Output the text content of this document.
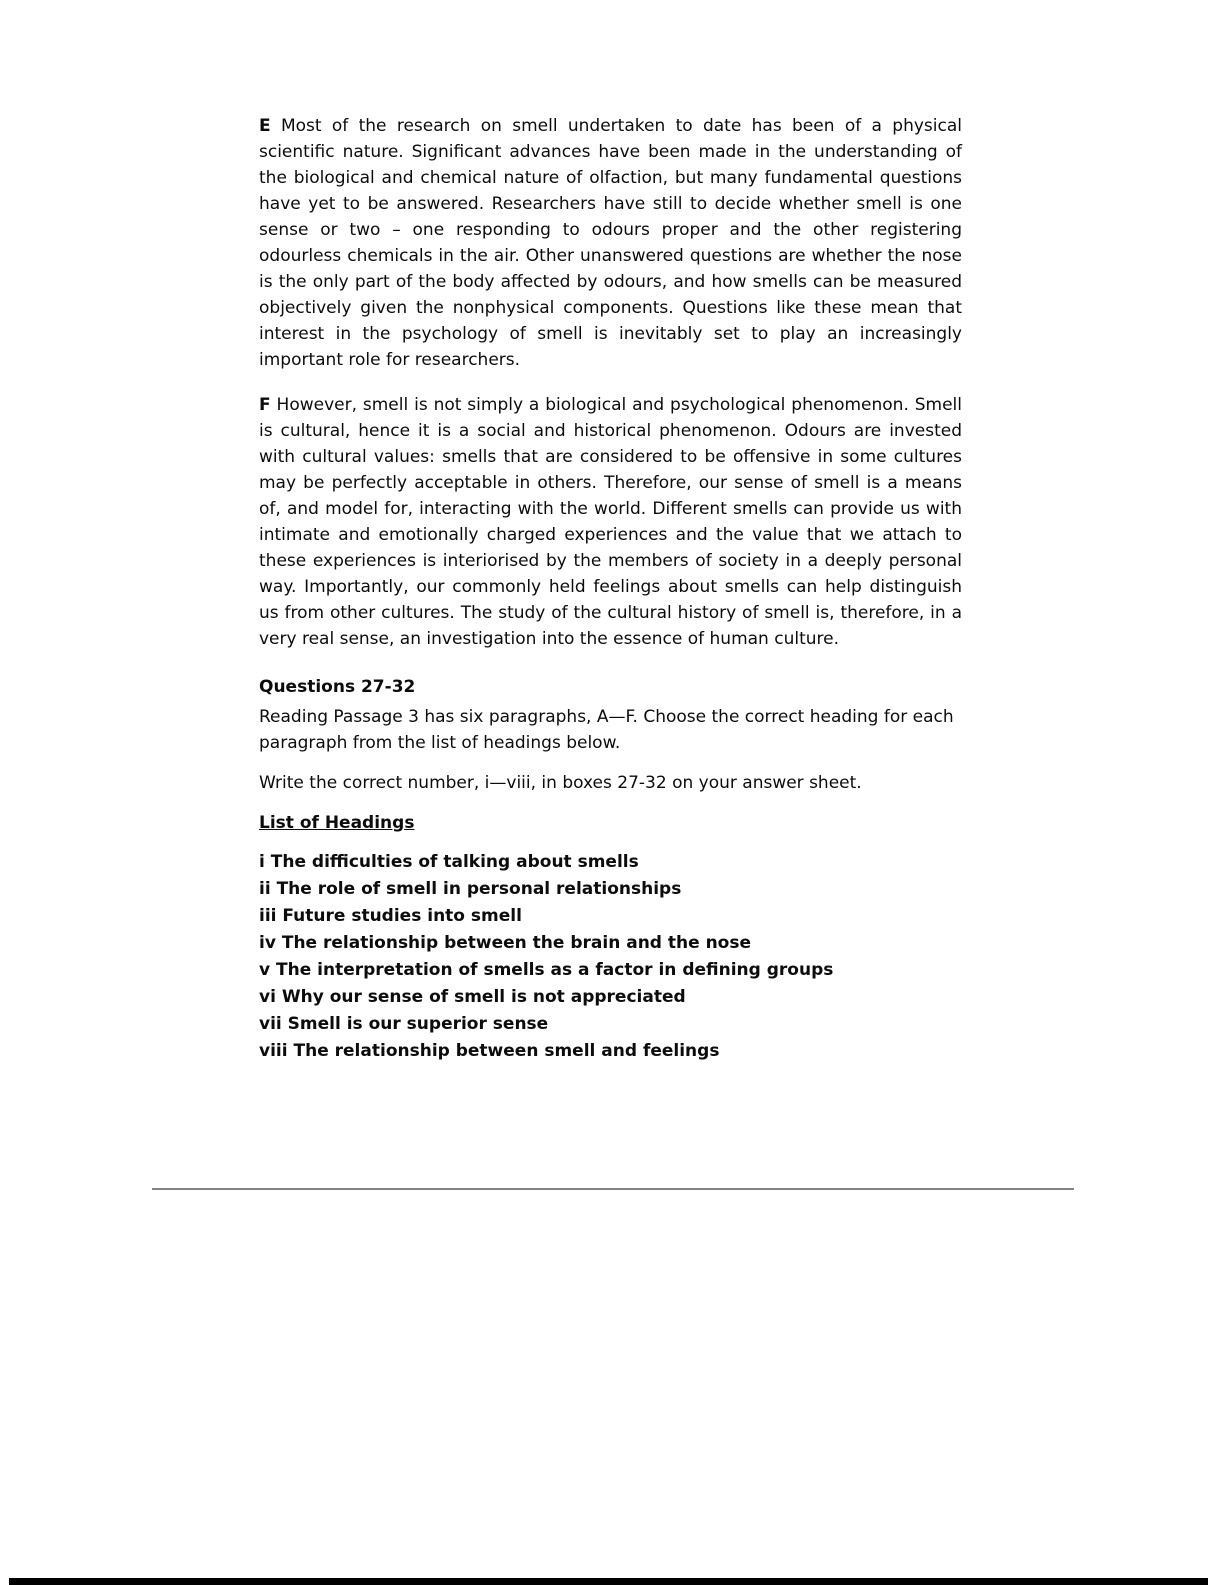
E Most of the research on smell undertaken to date has been of a physical scientific nature. Significant advances have been made in the understanding of the biological and chemical nature of olfaction, but many fundamental questions have yet to be answered. Researchers have still to decide whether smell is one sense or two – one responding to odours proper and the other registering odourless chemicals in the air. Other unanswered questions are whether the nose is the only part of the body affected by odours, and how smells can be measured objectively given the nonphysical components. Questions like these mean that interest in the psychology of smell is inevitably set to play an increasingly important role for researchers.

F However, smell is not simply a biological and psychological phenomenon. Smell is cultural, hence it is a social and historical phenomenon. Odours are invested with cultural values: smells that are considered to be offensive in some cultures may be perfectly acceptable in others. Therefore, our sense of smell is a means of, and model for, interacting with the world. Different smells can provide us with intimate and emotionally charged experiences and the value that we attach to these experiences is interiorised by the members of society in a deeply personal way. Importantly, our commonly held feelings about smells can help distinguish us from other cultures. The study of the cultural history of smell is, therefore, in a very real sense, an investigation into the essence of human culture.

Questions 27-32

Reading Passage 3 has six paragraphs, A—F. Choose the correct heading for each paragraph from the list of headings below.

Write the correct number, i—viii, in boxes 27-32 on your answer sheet.

List of Headings

i The difficulties of talking about smells
ii The role of smell in personal relationships
iii Future studies into smell
iv The relationship between the brain and the nose
v The interpretation of smells as a factor in defining groups
vi Why our sense of smell is not appreciated
vii Smell is our superior sense
viii The relationship between smell and feelings
